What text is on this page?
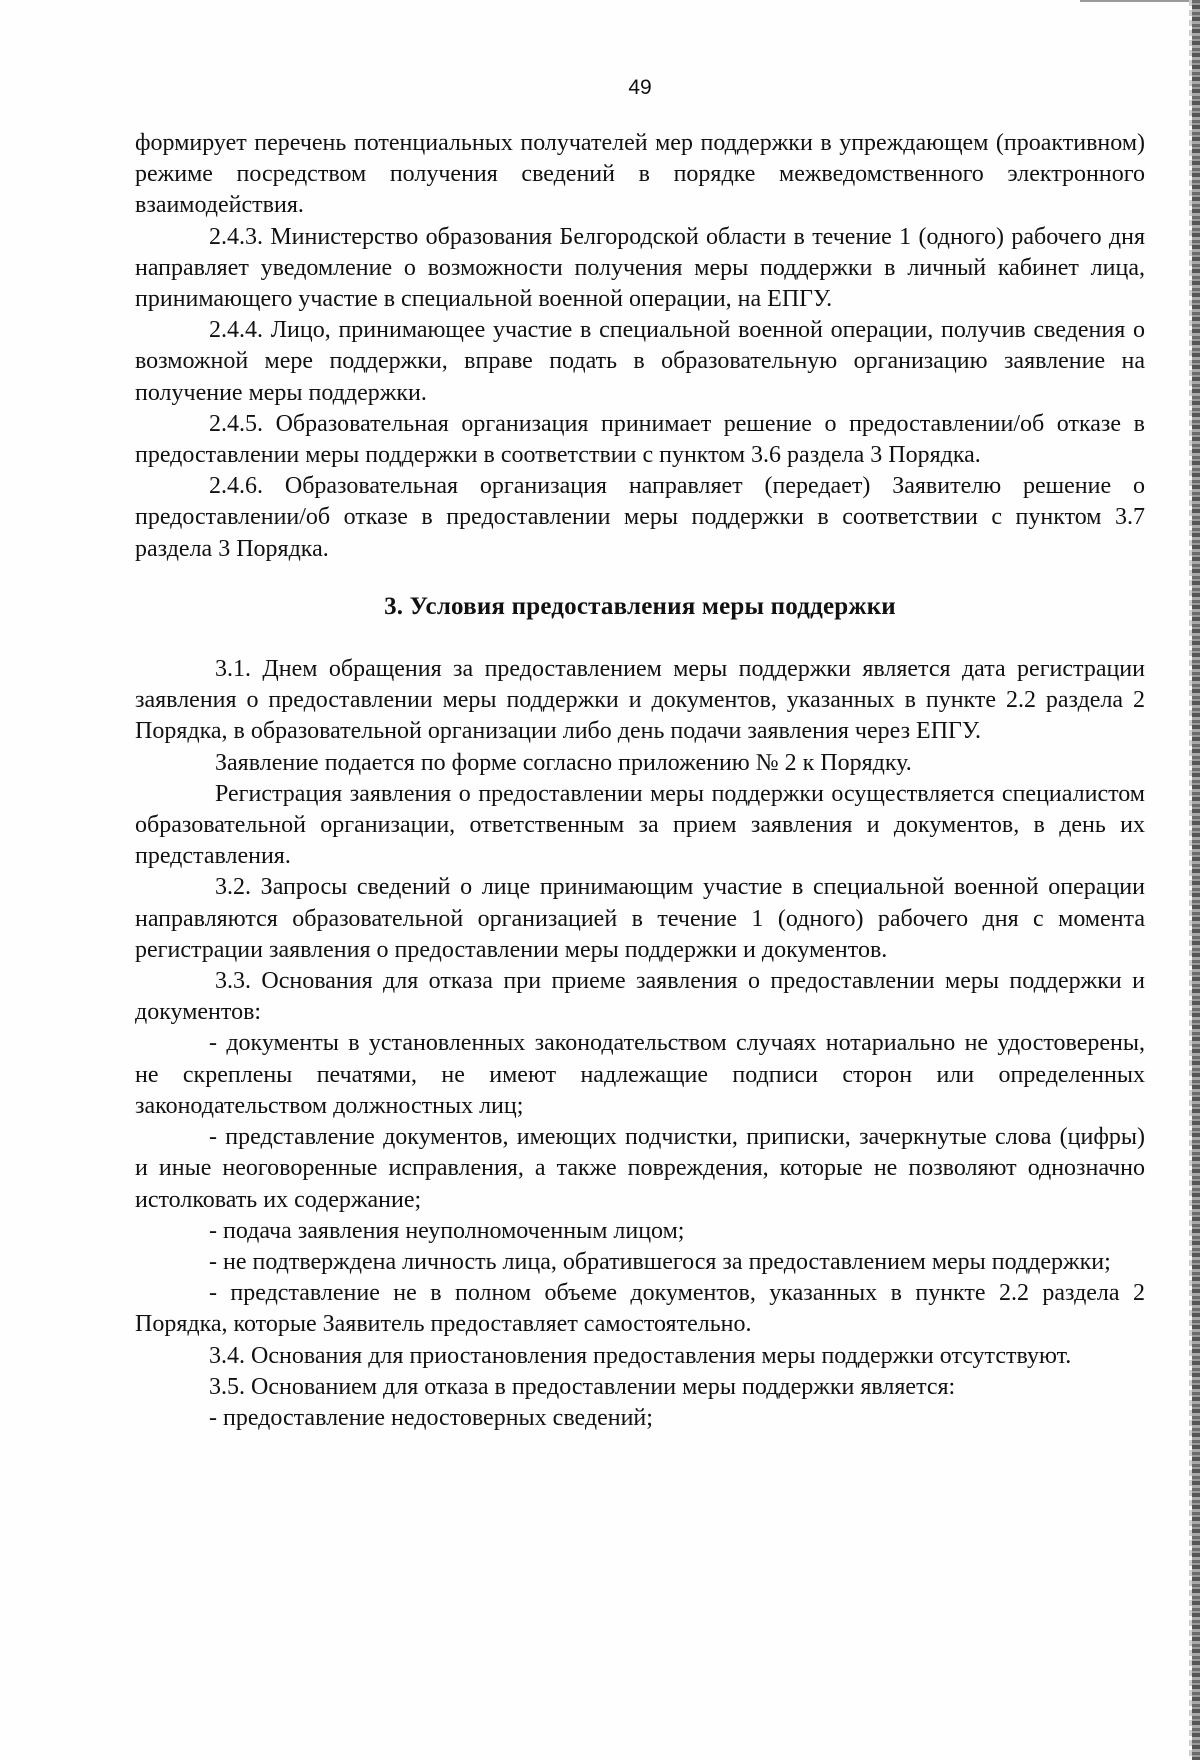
49

формирует перечень потенциальных получателей мер поддержки в упреждающем (проактивном) режиме посредством получения сведений в порядке межведомственного электронного взаимодействия.

2.4.3. Министерство образования Белгородской области в течение 1 (одного) рабочего дня направляет уведомление о возможности получения меры поддержки в личный кабинет лица, принимающего участие в специальной военной операции, на ЕПГУ.

2.4.4. Лицо, принимающее участие в специальной военной операции, получив сведения о возможной мере поддержки, вправе подать в образовательную организацию заявление на получение меры поддержки.

2.4.5. Образовательная организация принимает решение о предоставлении/об отказе в предоставлении меры поддержки в соответствии с пунктом 3.6 раздела 3 Порядка.

2.4.6. Образовательная организация направляет (передает) Заявителю решение о предоставлении/об отказе в предоставлении меры поддержки в соответствии с пунктом 3.7 раздела 3 Порядка.

3. Условия предоставления меры поддержки

3.1. Днем обращения за предоставлением меры поддержки является дата регистрации заявления о предоставлении меры поддержки и документов, указанных в пункте 2.2 раздела 2 Порядка, в образовательной организации либо день подачи заявления через ЕПГУ.

Заявление подается по форме согласно приложению № 2 к Порядку.

Регистрация заявления о предоставлении меры поддержки осуществляется специалистом образовательной организации, ответственным за прием заявления и документов, в день их представления.

3.2. Запросы сведений о лице принимающим участие в специальной военной операции направляются образовательной организацией в течение 1 (одного) рабочего дня с момента регистрации заявления о предоставлении меры поддержки и документов.

3.3. Основания для отказа при приеме заявления о предоставлении меры поддержки и документов:

- документы в установленных законодательством случаях нотариально не удостоверены, не скреплены печатями, не имеют надлежащие подписи сторон или определенных законодательством должностных лиц;

- представление документов, имеющих подчистки, приписки, зачеркнутые слова (цифры) и иные неоговоренные исправления, а также повреждения, которые не позволяют однозначно истолковать их содержание;

- подача заявления неуполномоченным лицом;

- не подтверждена личность лица, обратившегося за предоставлением меры поддержки;

- представление не в полном объеме документов, указанных в пункте 2.2 раздела 2 Порядка, которые Заявитель предоставляет самостоятельно.

3.4. Основания для приостановления предоставления меры поддержки отсутствуют.

3.5. Основанием для отказа в предоставлении меры поддержки является:

- предоставление недостоверных сведений;
